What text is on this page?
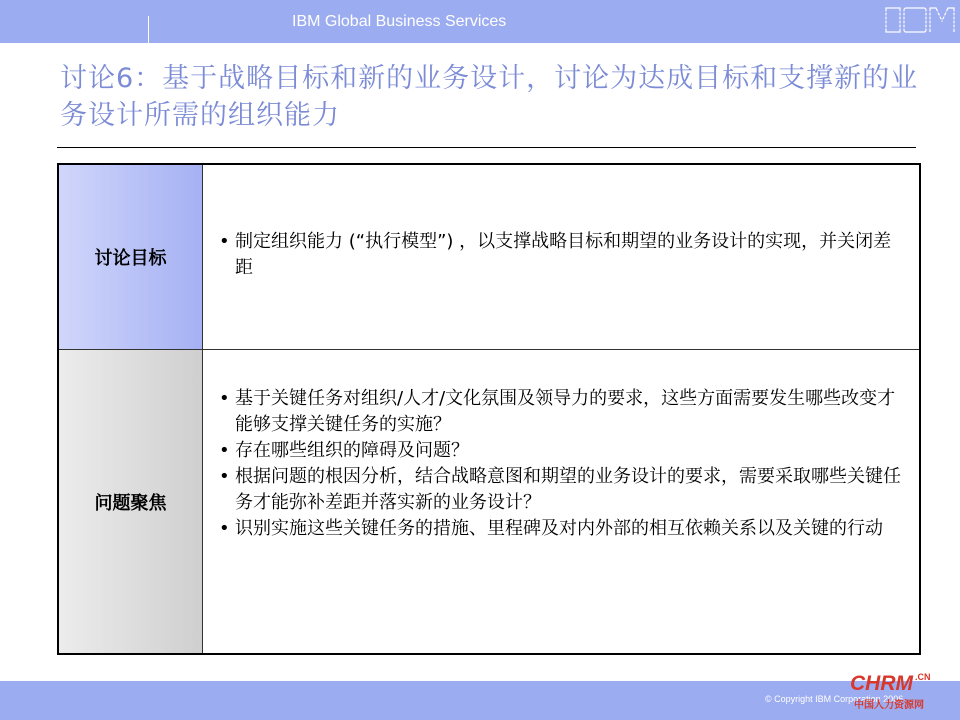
IBM Global Business Services
讨论6：基于战略目标和新的业务设计，讨论为达成目标和支撑新的业务设计所需的组织能力
讨论目标
• 制定组织能力 (“执行模型”) ，以支撑战略目标和期望的业务设计的实现，并关闭差距
问题聚焦
• 基于关键任务对组织/人才/文化氛围及领导力的要求，这些方面需要发生哪些改变才能够支撑关键任务的实施？
• 存在哪些组织的障碍及问题？
• 根据问题的根因分析，结合战略意图和期望的业务设计的要求，需要采取哪些关键任务才能弥补差距并落实新的业务设计？
• 识别实施这些关键任务的措施、里程碑及对内外部的相互依赖关系以及关键的行动
© Copyright IBM Corporation 2006
CHRM $^{.CN}$
中国人力资源网
